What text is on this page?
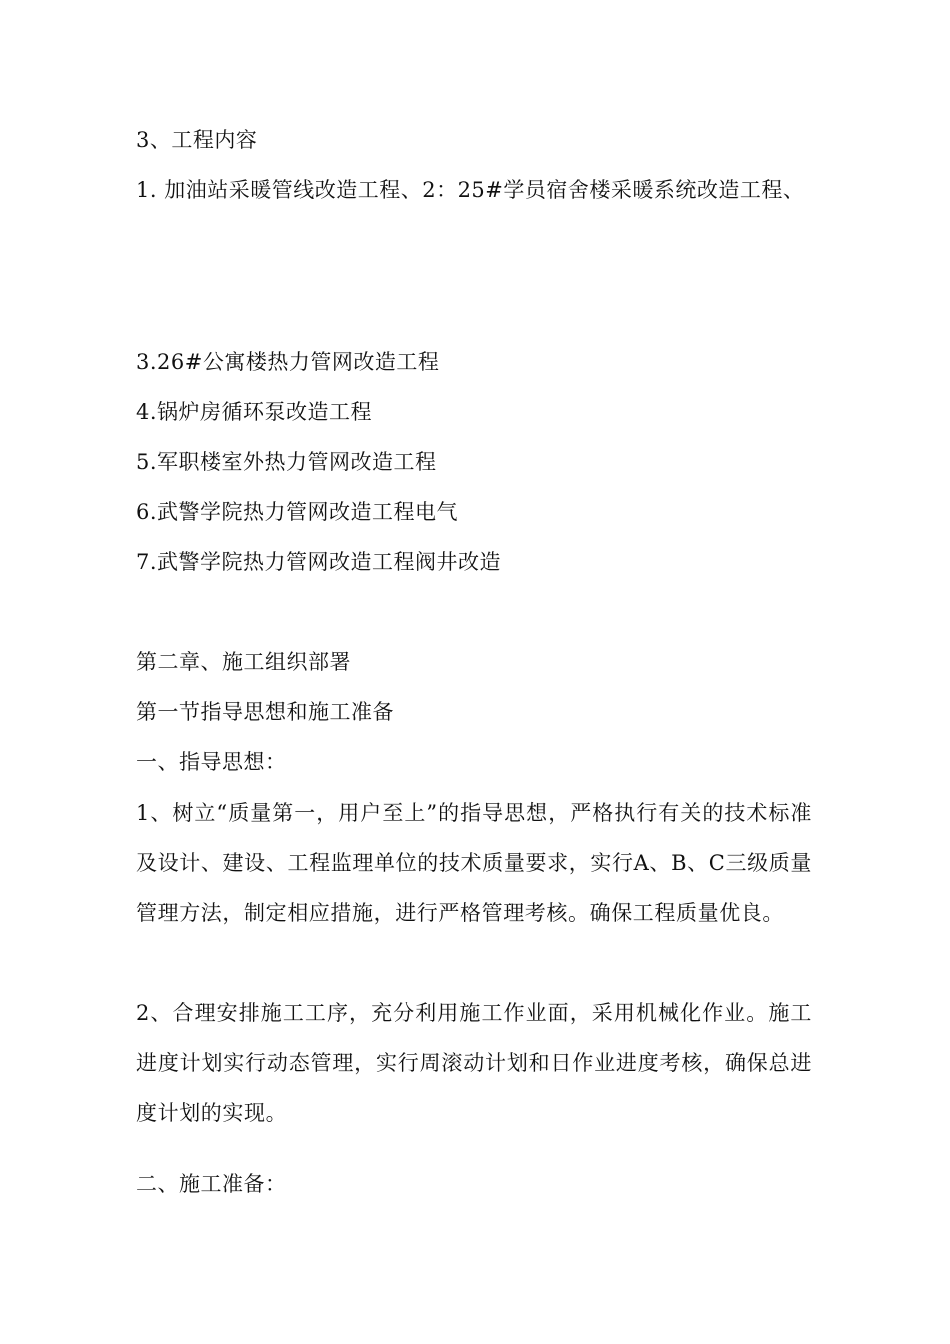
3、工程内容
1. 加油站采暖管线改造工程、2：25#学员宿舍楼采暖系统改造工程、
3.26#公寓楼热力管网改造工程
4.锅炉房循环泵改造工程
5.军职楼室外热力管网改造工程
6.武警学院热力管网改造工程电气
7.武警学院热力管网改造工程阀井改造
第二章、施工组织部署
第一节指导思想和施工准备
一、指导思想：
1、树立“质量第一，用户至上”的指导思想，严格执行有关的技术标准及设计、建设、工程监理单位的技术质量要求，实行A、B、C三级质量管理方法，制定相应措施，进行严格管理考核。确保工程质量优良。
2、合理安排施工工序，充分利用施工作业面，采用机械化作业。施工进度计划实行动态管理，实行周滚动计划和日作业进度考核，确保总进度计划的实现。
二、施工准备：
